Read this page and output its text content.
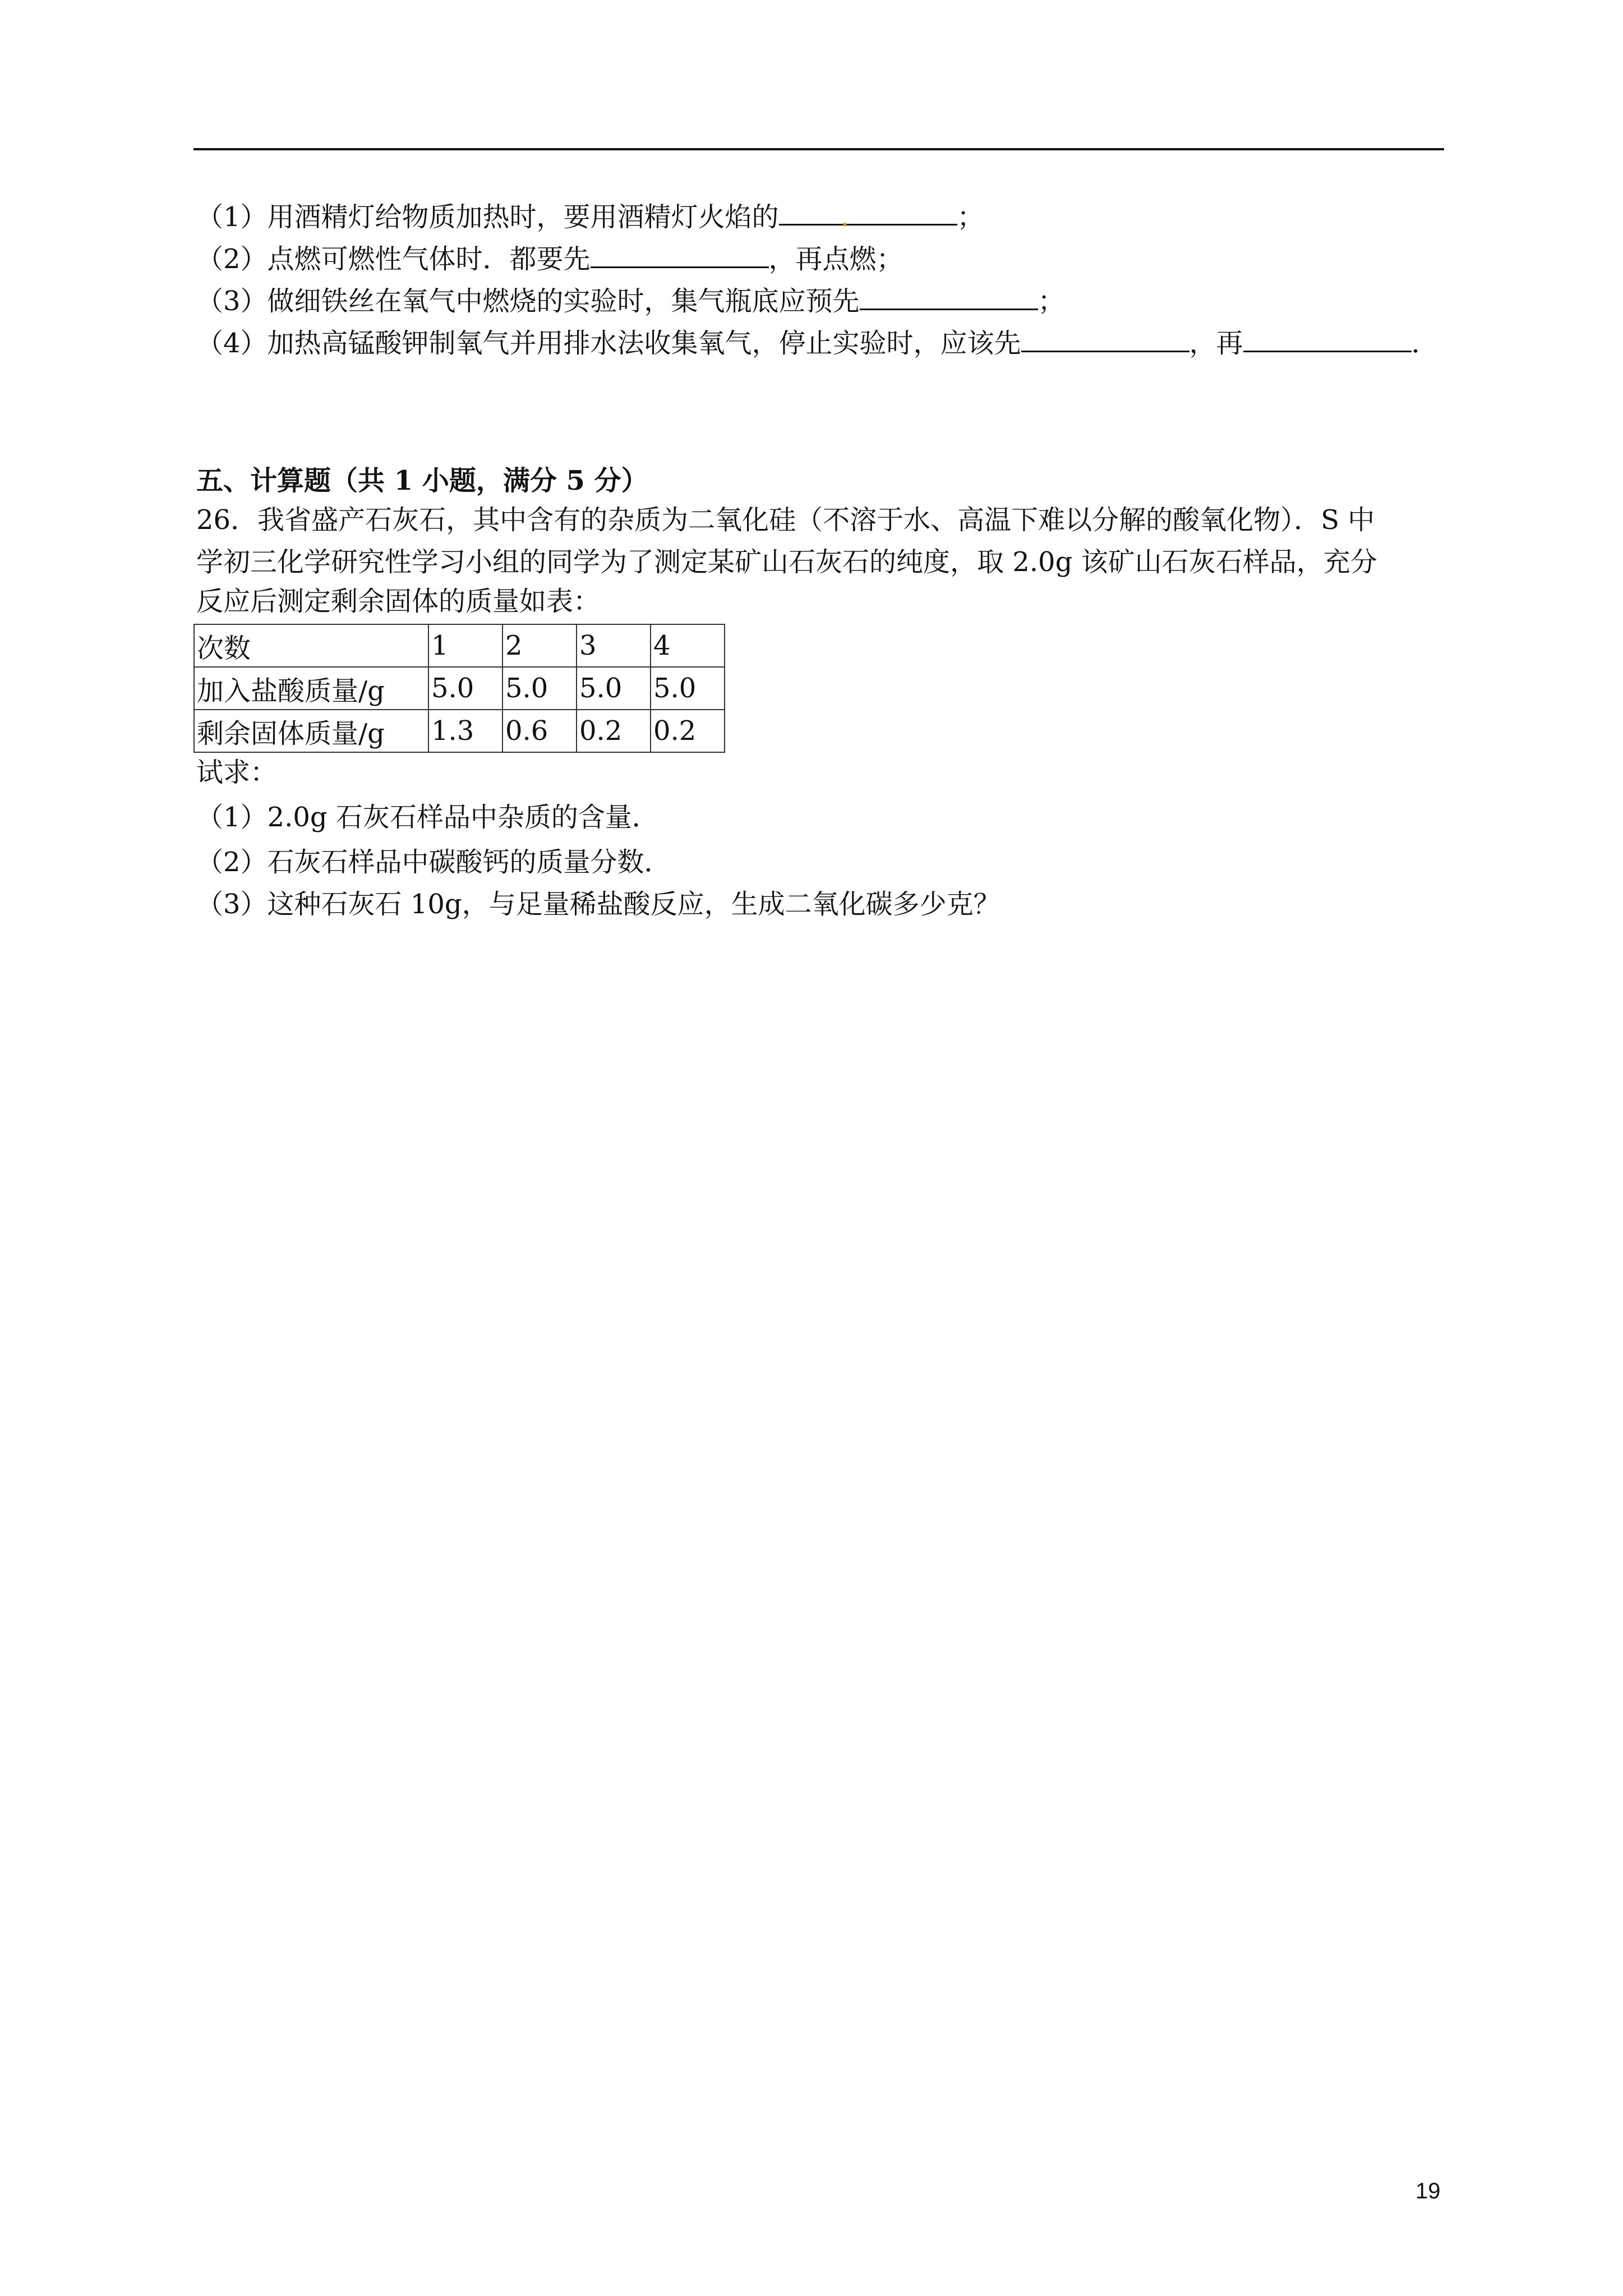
（1）用酒精灯给物质加热时，要用酒精灯火焰的 .	；
（2）点燃可燃性气体时．都要先	，再点燃；
（3）做细铁丝在氧气中燃烧的实验时，集气瓶底应预先	；
（4）加热高锰酸钾制氧气并用排水法收集氧气，停止实验时，应该先	，再	．
五、计算题（共 1 小题，满分 5 分）
26．我省盛产石灰石，其中含有的杂质为二氧化硅（不溶于水、高温下难以分解的酸氧化物）．S 中
学初三化学研究性学习小组的同学为了测定某矿山石灰石的纯度，取 2.0g 该矿山石灰石样品，充分
反应后测定剩余固体的质量如表：
次数	1	2	3	4
加入盐酸质量/g	5.0	5.0	5.0	5.0
剩余固体质量/g	1.3	0.6	0.2	0.2
试求：
（1）2.0g 石灰石样品中杂质的含量．
（2）石灰石样品中碳酸钙的质量分数．
（3）这种石灰石 10g，与足量稀盐酸反应，生成二氧化碳多少克？
19
